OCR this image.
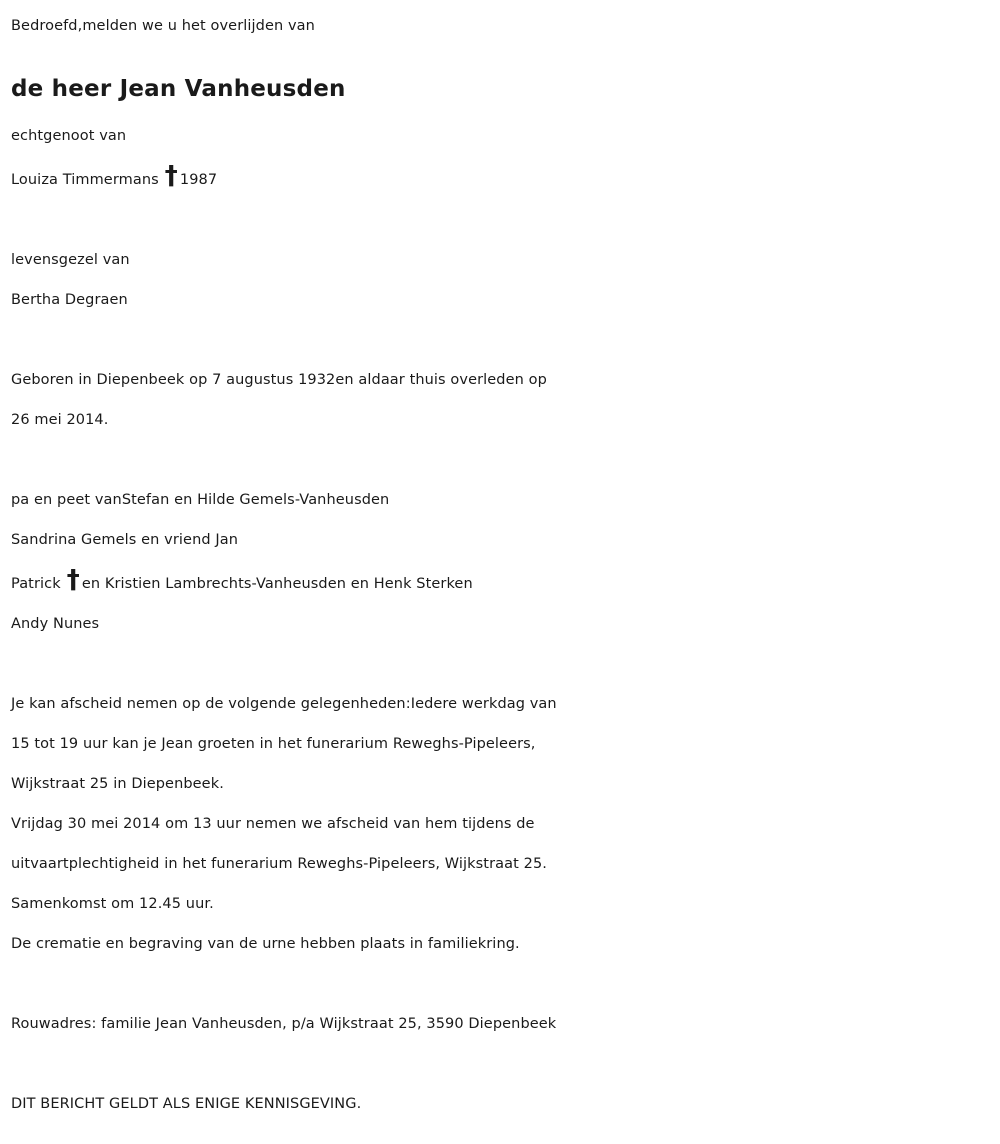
Bedroefd,melden we u het overlijden van
de heer Jean Vanheusden
echtgenoot van
Louiza Timmermans † 1987
levensgezel van
Bertha Degraen
Geboren in Diepenbeek op 7 augustus 1932en aldaar thuis overleden op
26 mei 2014.
pa en peet vanStefan en Hilde Gemels-Vanheusden
Sandrina Gemels en vriend Jan
Patrick † en Kristien Lambrechts-Vanheusden en Henk Sterken
Andy Nunes
Je kan afscheid nemen op de volgende gelegenheden:Iedere werkdag van
15 tot 19 uur kan je Jean groeten in het funerarium Reweghs-Pipeleers,
Wijkstraat 25 in Diepenbeek.
Vrijdag 30 mei 2014 om 13 uur nemen we afscheid van hem tijdens de
uitvaartplechtigheid in het funerarium Reweghs-Pipeleers, Wijkstraat 25.
Samenkomst om 12.45 uur.
De crematie en begraving van de urne hebben plaats in familiekring.
Rouwadres: familie Jean Vanheusden, p/a Wijkstraat 25, 3590 Diepenbeek
DIT BERICHT GELDT ALS ENIGE KENNISGEVING.
